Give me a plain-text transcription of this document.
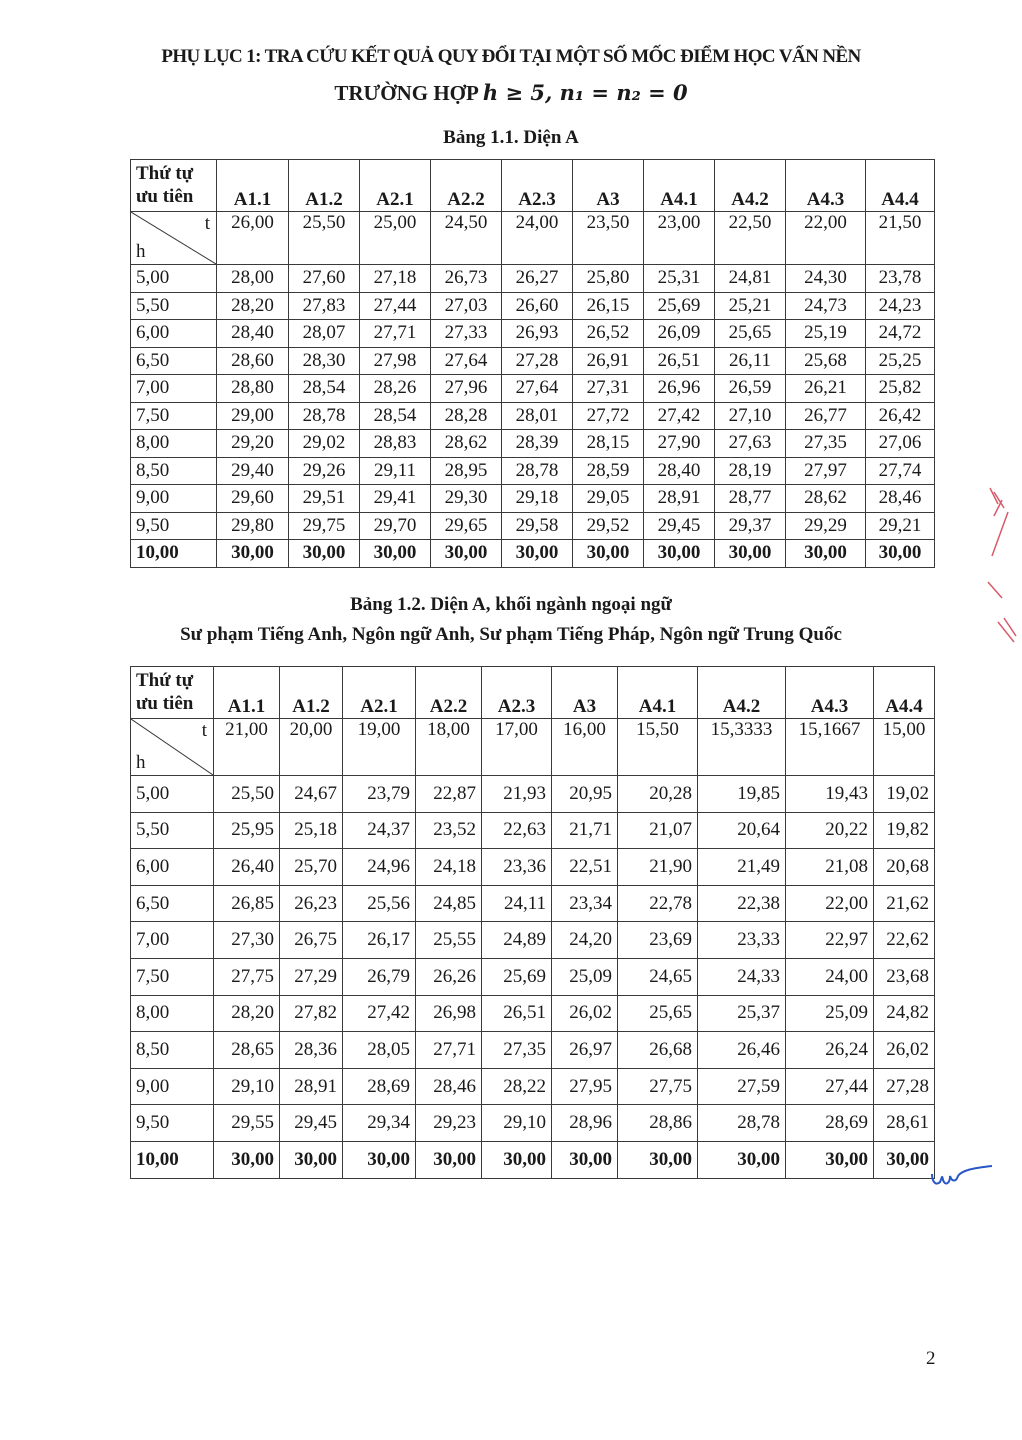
PHỤ LỤC 1: TRA CỨU KẾT QUẢ QUY ĐỔI TẠI MỘT SỐ MỐC ĐIỂM HỌC VẤN NỀN
TRƯỜNG HỢP h ≥ 5, n₁ = n₂ = 0
Bảng 1.1. Diện A
Thứ tự
ưu tiên	A1.1	A1.2	A2.1	A2.2	A2.3	A3	A4.1	A4.2	A4.3	A4.4

t
h	26,00	25,50	25,00	24,50	24,00	23,50	23,00	22,50	22,00	21,50
5,00	28,00	27,60	27,18	26,73	26,27	25,80	25,31	24,81	24,30	23,78
5,50	28,20	27,83	27,44	27,03	26,60	26,15	25,69	25,21	24,73	24,23
6,00	28,40	28,07	27,71	27,33	26,93	26,52	26,09	25,65	25,19	24,72
6,50	28,60	28,30	27,98	27,64	27,28	26,91	26,51	26,11	25,68	25,25
7,00	28,80	28,54	28,26	27,96	27,64	27,31	26,96	26,59	26,21	25,82
7,50	29,00	28,78	28,54	28,28	28,01	27,72	27,42	27,10	26,77	26,42
8,00	29,20	29,02	28,83	28,62	28,39	28,15	27,90	27,63	27,35	27,06
8,50	29,40	29,26	29,11	28,95	28,78	28,59	28,40	28,19	27,97	27,74
9,00	29,60	29,51	29,41	29,30	29,18	29,05	28,91	28,77	28,62	28,46
9,50	29,80	29,75	29,70	29,65	29,58	29,52	29,45	29,37	29,29	29,21
10,00	30,00	30,00	30,00	30,00	30,00	30,00	30,00	30,00	30,00	30,00
Bảng 1.2. Diện A, khối ngành ngoại ngữ
Sư phạm Tiếng Anh, Ngôn ngữ Anh, Sư phạm Tiếng Pháp, Ngôn ngữ Trung Quốc
Thứ tự
ưu tiên	A1.1	A1.2	A2.1	A2.2	A2.3	A3	A4.1	A4.2	A4.3	A4.4

t
h	21,00	20,00	19,00	18,00	17,00	16,00	15,50	15,3333	15,1667	15,00
5,00	25,50	24,67	23,79	22,87	21,93	20,95	20,28	19,85	19,43	19,02
5,50	25,95	25,18	24,37	23,52	22,63	21,71	21,07	20,64	20,22	19,82
6,00	26,40	25,70	24,96	24,18	23,36	22,51	21,90	21,49	21,08	20,68
6,50	26,85	26,23	25,56	24,85	24,11	23,34	22,78	22,38	22,00	21,62
7,00	27,30	26,75	26,17	25,55	24,89	24,20	23,69	23,33	22,97	22,62
7,50	27,75	27,29	26,79	26,26	25,69	25,09	24,65	24,33	24,00	23,68
8,00	28,20	27,82	27,42	26,98	26,51	26,02	25,65	25,37	25,09	24,82
8,50	28,65	28,36	28,05	27,71	27,35	26,97	26,68	26,46	26,24	26,02
9,00	29,10	28,91	28,69	28,46	28,22	27,95	27,75	27,59	27,44	27,28
9,50	29,55	29,45	29,34	29,23	29,10	28,96	28,86	28,78	28,69	28,61
10,00	30,00	30,00	30,00	30,00	30,00	30,00	30,00	30,00	30,00	30,00
2
